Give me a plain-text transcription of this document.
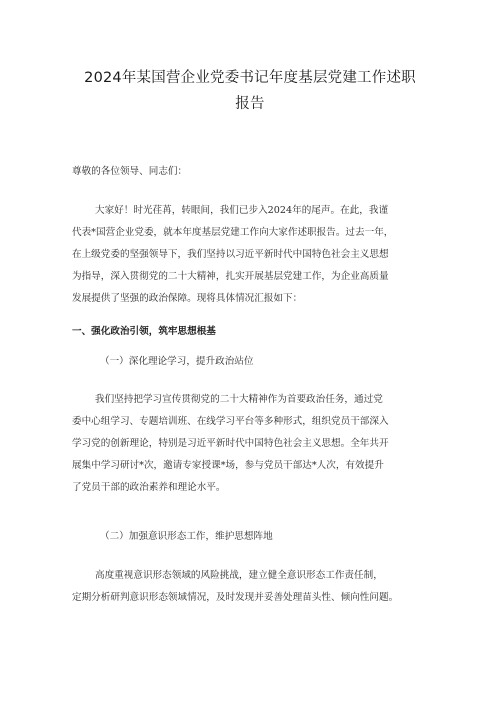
2024年某国营企业党委书记年度基层党建工作述职
报告
尊敬的各位领导、同志们：
大家好！时光荏苒，转眼间，我们已步入2024年的尾声。在此，我谨
代表*国营企业党委，就本年度基层党建工作向大家作述职报告。过去一年，
在上级党委的坚强领导下，我们坚持以习近平新时代中国特色社会主义思想
为指导，深入贯彻党的二十大精神，扎实开展基层党建工作，为企业高质量
发展提供了坚强的政治保障。现将具体情况汇报如下：
一、强化政治引领，筑牢思想根基
（一）深化理论学习，提升政治站位
我们坚持把学习宣传贯彻党的二十大精神作为首要政治任务，通过党
委中心组学习、专题培训班、在线学习平台等多种形式，组织党员干部深入
学习党的创新理论，特别是习近平新时代中国特色社会主义思想。全年共开
展集中学习研讨*次，邀请专家授课*场，参与党员干部达*人次，有效提升
了党员干部的政治素养和理论水平。
（二）加强意识形态工作，维护思想阵地
高度重视意识形态领域的风险挑战，建立健全意识形态工作责任制，
定期分析研判意识形态领域情况，及时发现并妥善处理苗头性、倾向性问题。
